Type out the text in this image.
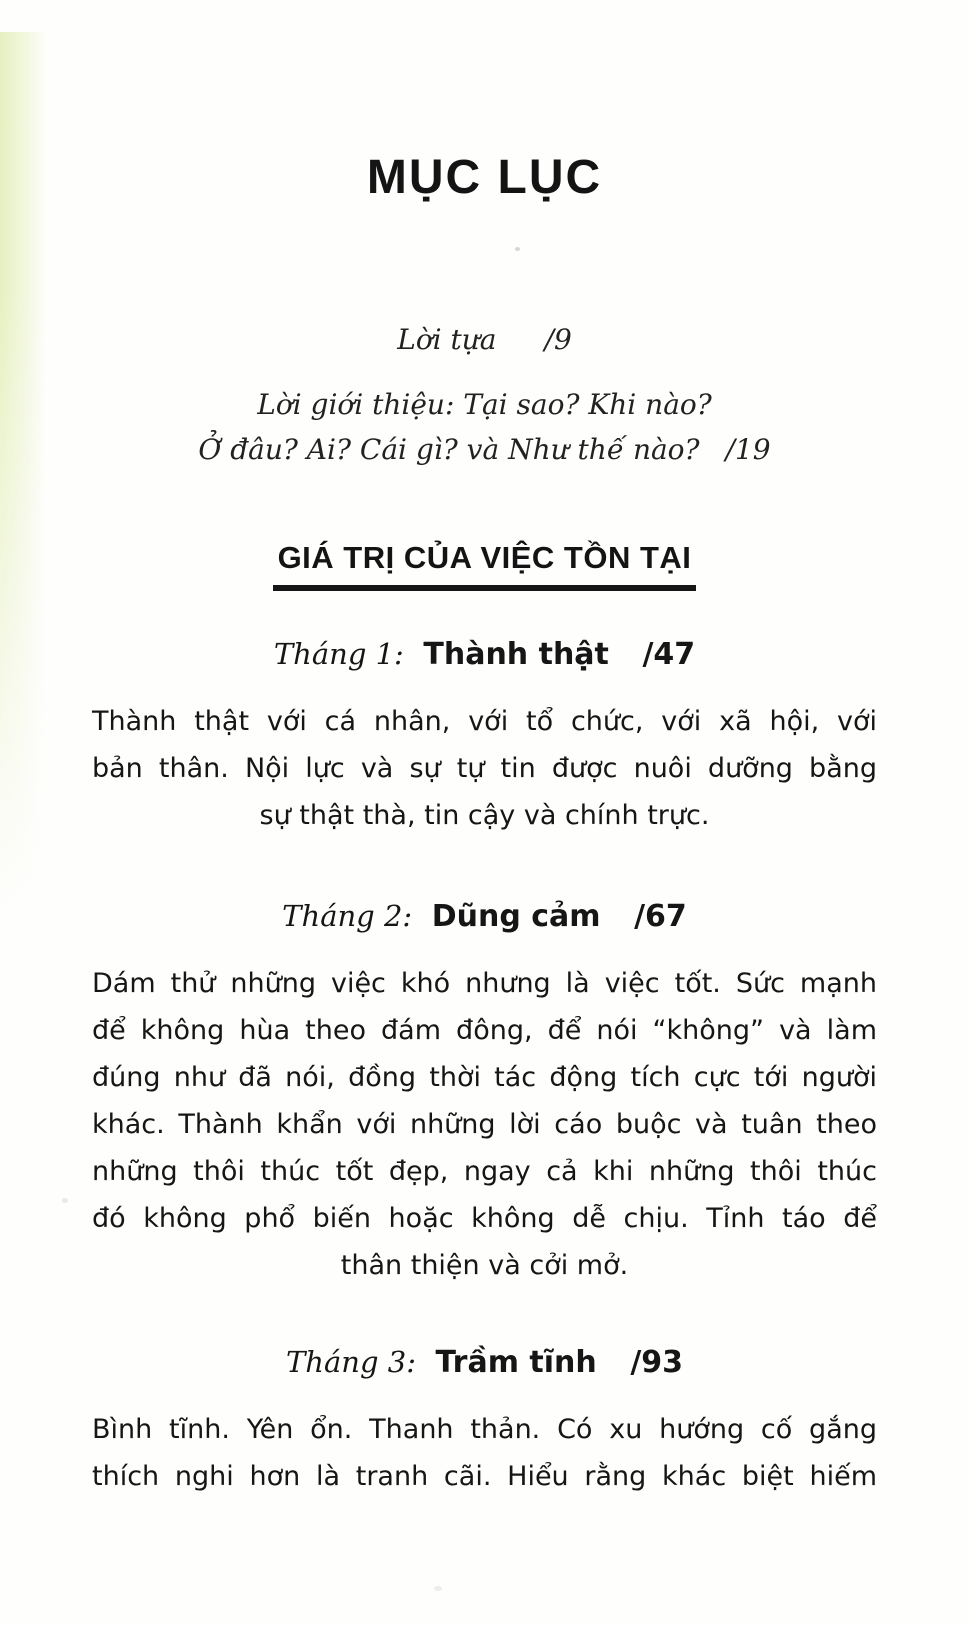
MỤC LỤC
Lời tựa /9
Lời giới thiệu: Tại sao? Khi nào?
Ở đâu? Ai? Cái gì? và Như thế nào? /19
GIÁ TRỊ CỦA VIỆC TỒN TẠI
Tháng 1: Thành thật /47
Thành thật với cá nhân, với tổ chức, với xã hội, với
bản thân. Nội lực và sự tự tin được nuôi dưỡng bằng
sự thật thà, tin cậy và chính trực.
Tháng 2: Dũng cảm /67
Dám thử những việc khó nhưng là việc tốt. Sức mạnh
để không hùa theo đám đông, để nói “không” và làm
đúng như đã nói, đồng thời tác động tích cực tới người
khác. Thành khẩn với những lời cáo buộc và tuân theo
những thôi thúc tốt đẹp, ngay cả khi những thôi thúc
đó không phổ biến hoặc không dễ chịu. Tỉnh táo để
thân thiện và cởi mở.
Tháng 3: Trầm tĩnh /93
Bình tĩnh. Yên ổn. Thanh thản. Có xu hướng cố gắng
thích nghi hơn là tranh cãi. Hiểu rằng khác biệt hiếm
